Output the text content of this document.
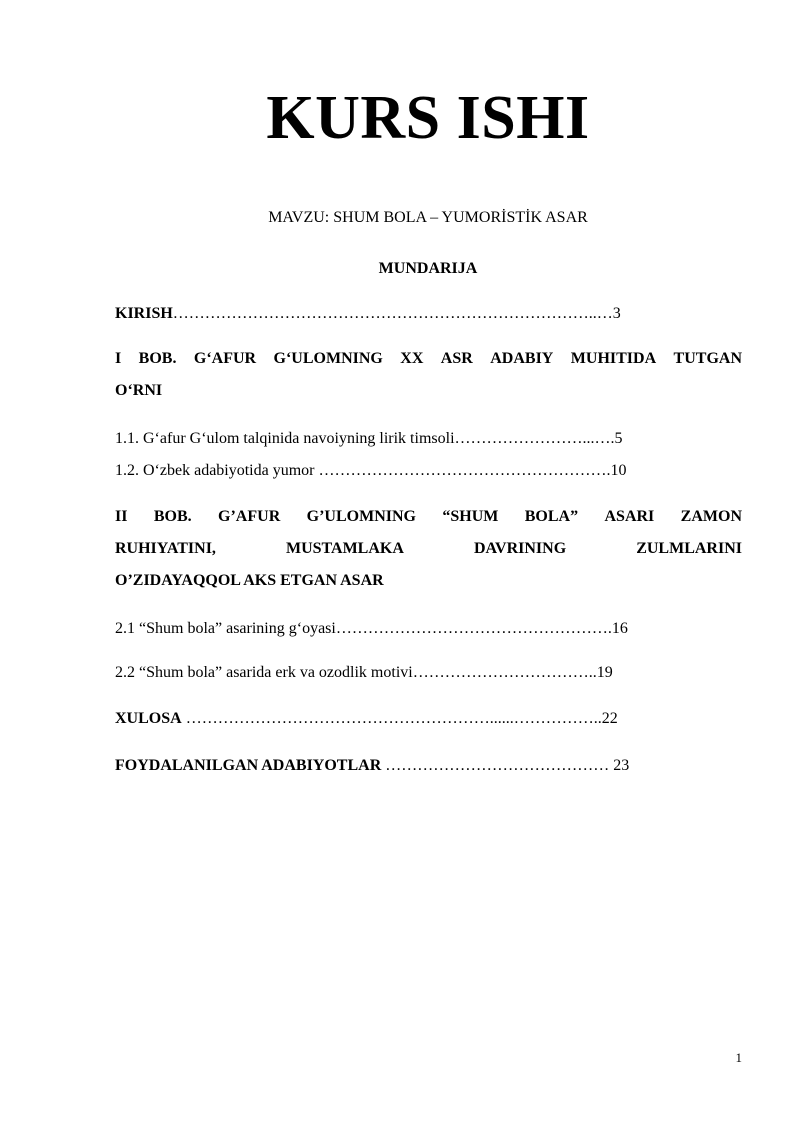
KURS ISHI
MAVZU: SHUM BOLA – YUMORİSTİK ASAR
MUNDARIJA
KIRISH……………………………………………………………………..…3
I BOB. G‘AFUR G‘ULOMNING XX ASR ADABIY MUHITIDA TUTGAN
O‘RNI
1.1. G‘afur G‘ulom talqinida navoiyning lirik timsoli……………………...….5
1.2. O‘zbek adabiyotida yumor ……………………………………………….10
II BOB. G’AFUR G’ULOMNING “SHUM BOLA” ASARI ZAMON
RUHIYATINI,	MUSTAMLAKA	DAVRINING	ZULMLARINI
O’ZIDAYAQQOL AKS ETGAN ASAR
2.1 “Shum bola” asarining g‘oyasi…………………………………………….16
2.2 “Shum bola” asarida erk va ozodlik motivi……………………………..19
XULOSA …………………………………………………......……………..22
FOYDALANILGAN ADABIYOTLAR …………………………………… 23
1
